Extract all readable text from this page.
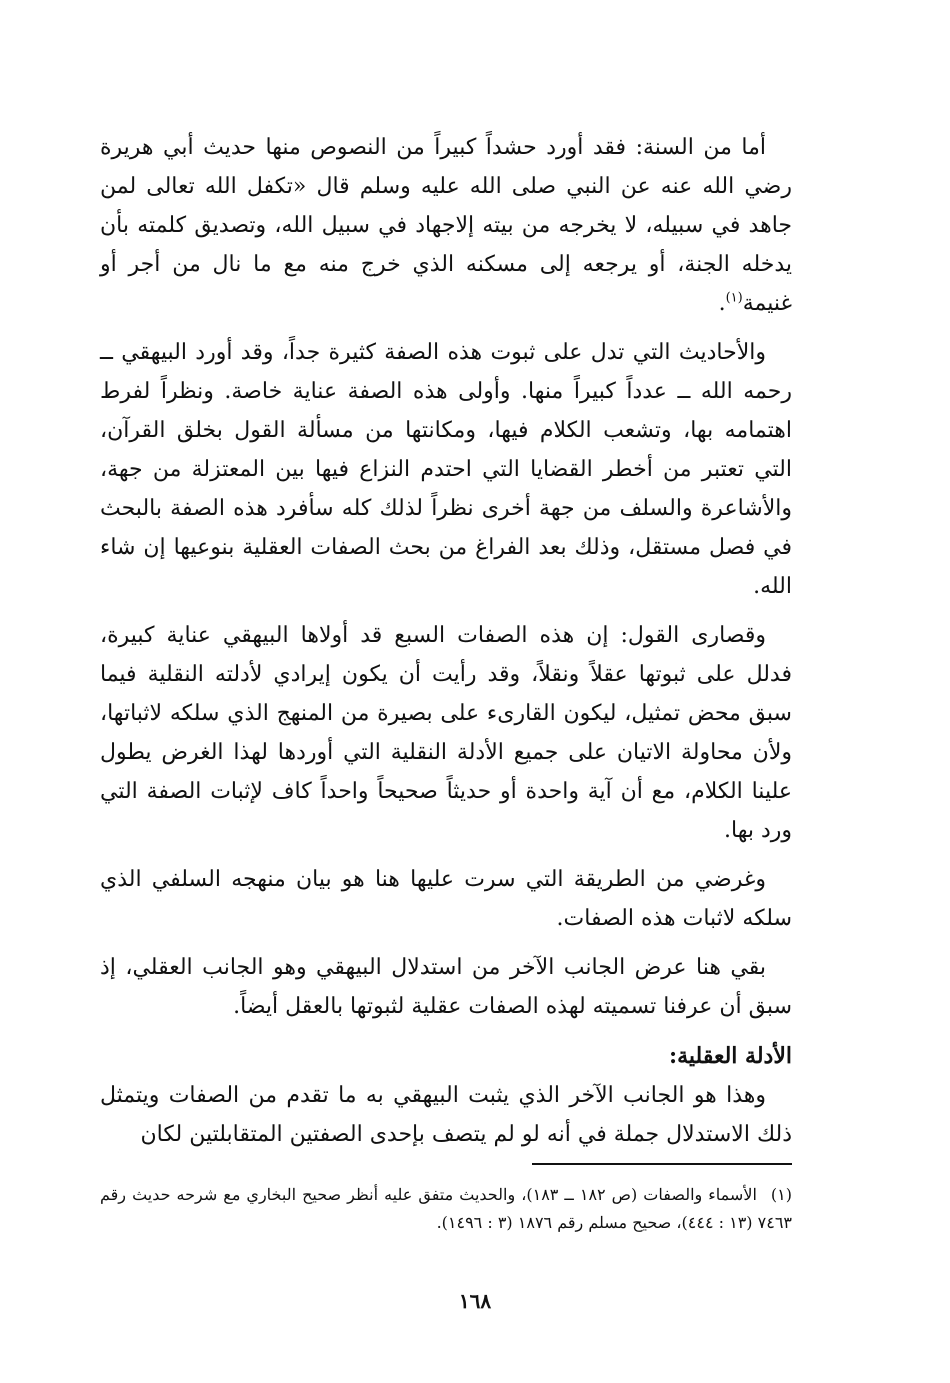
أما من السنة: فقد أورد حشداً كبيراً من النصوص منها حديث أبي هريرة رضي الله عنه عن النبي صلى الله عليه وسلم قال «تكفل الله تعالى لمن جاهد في سبيله، لا يخرجه من بيته إلاجهاد في سبيل الله، وتصديق كلمته بأن يدخله الجنة، أو يرجعه إلى مسكنه الذي خرج منه مع ما نال من أجر أو غنيمة$^{(١)}$.

والأحاديث التي تدل على ثبوت هذه الصفة كثيرة جداً، وقد أورد البيهقي ــ رحمه الله ــ عدداً كبيراً منها. وأولى هذه الصفة عناية خاصة. ونظراً لفرط اهتمامه بها، وتشعب الكلام فيها، ومكانتها من مسألة القول بخلق القرآن، التي تعتبر من أخطر القضايا التي احتدم النزاع فيها بين المعتزلة من جهة، والأشاعرة والسلف من جهة أخرى نظراً لذلك كله سأفرد هذه الصفة بالبحث في فصل مستقل، وذلك بعد الفراغ من بحث الصفات العقلية بنوعيها إن شاء الله.

وقصارى القول: إن هذه الصفات السبع قد أولاها البيهقي عناية كبيرة، فدلل على ثبوتها عقلاً ونقلاً، وقد رأيت أن يكون إيرادي لأدلته النقلية فيما سبق محض تمثيل، ليكون القارىء على بصيرة من المنهج الذي سلكه لاثباتها، ولأن محاولة الاتيان على جميع الأدلة النقلية التي أوردها لهذا الغرض يطول علينا الكلام، مع أن آية واحدة أو حديثاً صحيحاً واحداً كاف لإثبات الصفة التي ورد بها.

وغرضي من الطريقة التي سرت عليها هنا هو بيان منهجه السلفي الذي سلكه لاثبات هذه الصفات.

بقي هنا عرض الجانب الآخر من استدلال البيهقي وهو الجانب العقلي، إذ سبق أن عرفنا تسميته لهذه الصفات عقلية لثبوتها بالعقل أيضاً.

الأدلة العقلية:

وهذا هو الجانب الآخر الذي يثبت البيهقي به ما تقدم من الصفات ويتمثل ذلك الاستدلال جملة في أنه لو لم يتصف بإحدى الصفتين المتقابلتين لكان

(١)الأسماء والصفات (ص ١٨٢ ــ ١٨٣)، والحديث متفق عليه أنظر صحيح البخاري مع شرحه حديث رقم ٧٤٦٣ (١٣ : ٤٤٤)، صحيح مسلم رقم ١٨٧٦ (٣ : ١٤٩٦).

١٦٨
